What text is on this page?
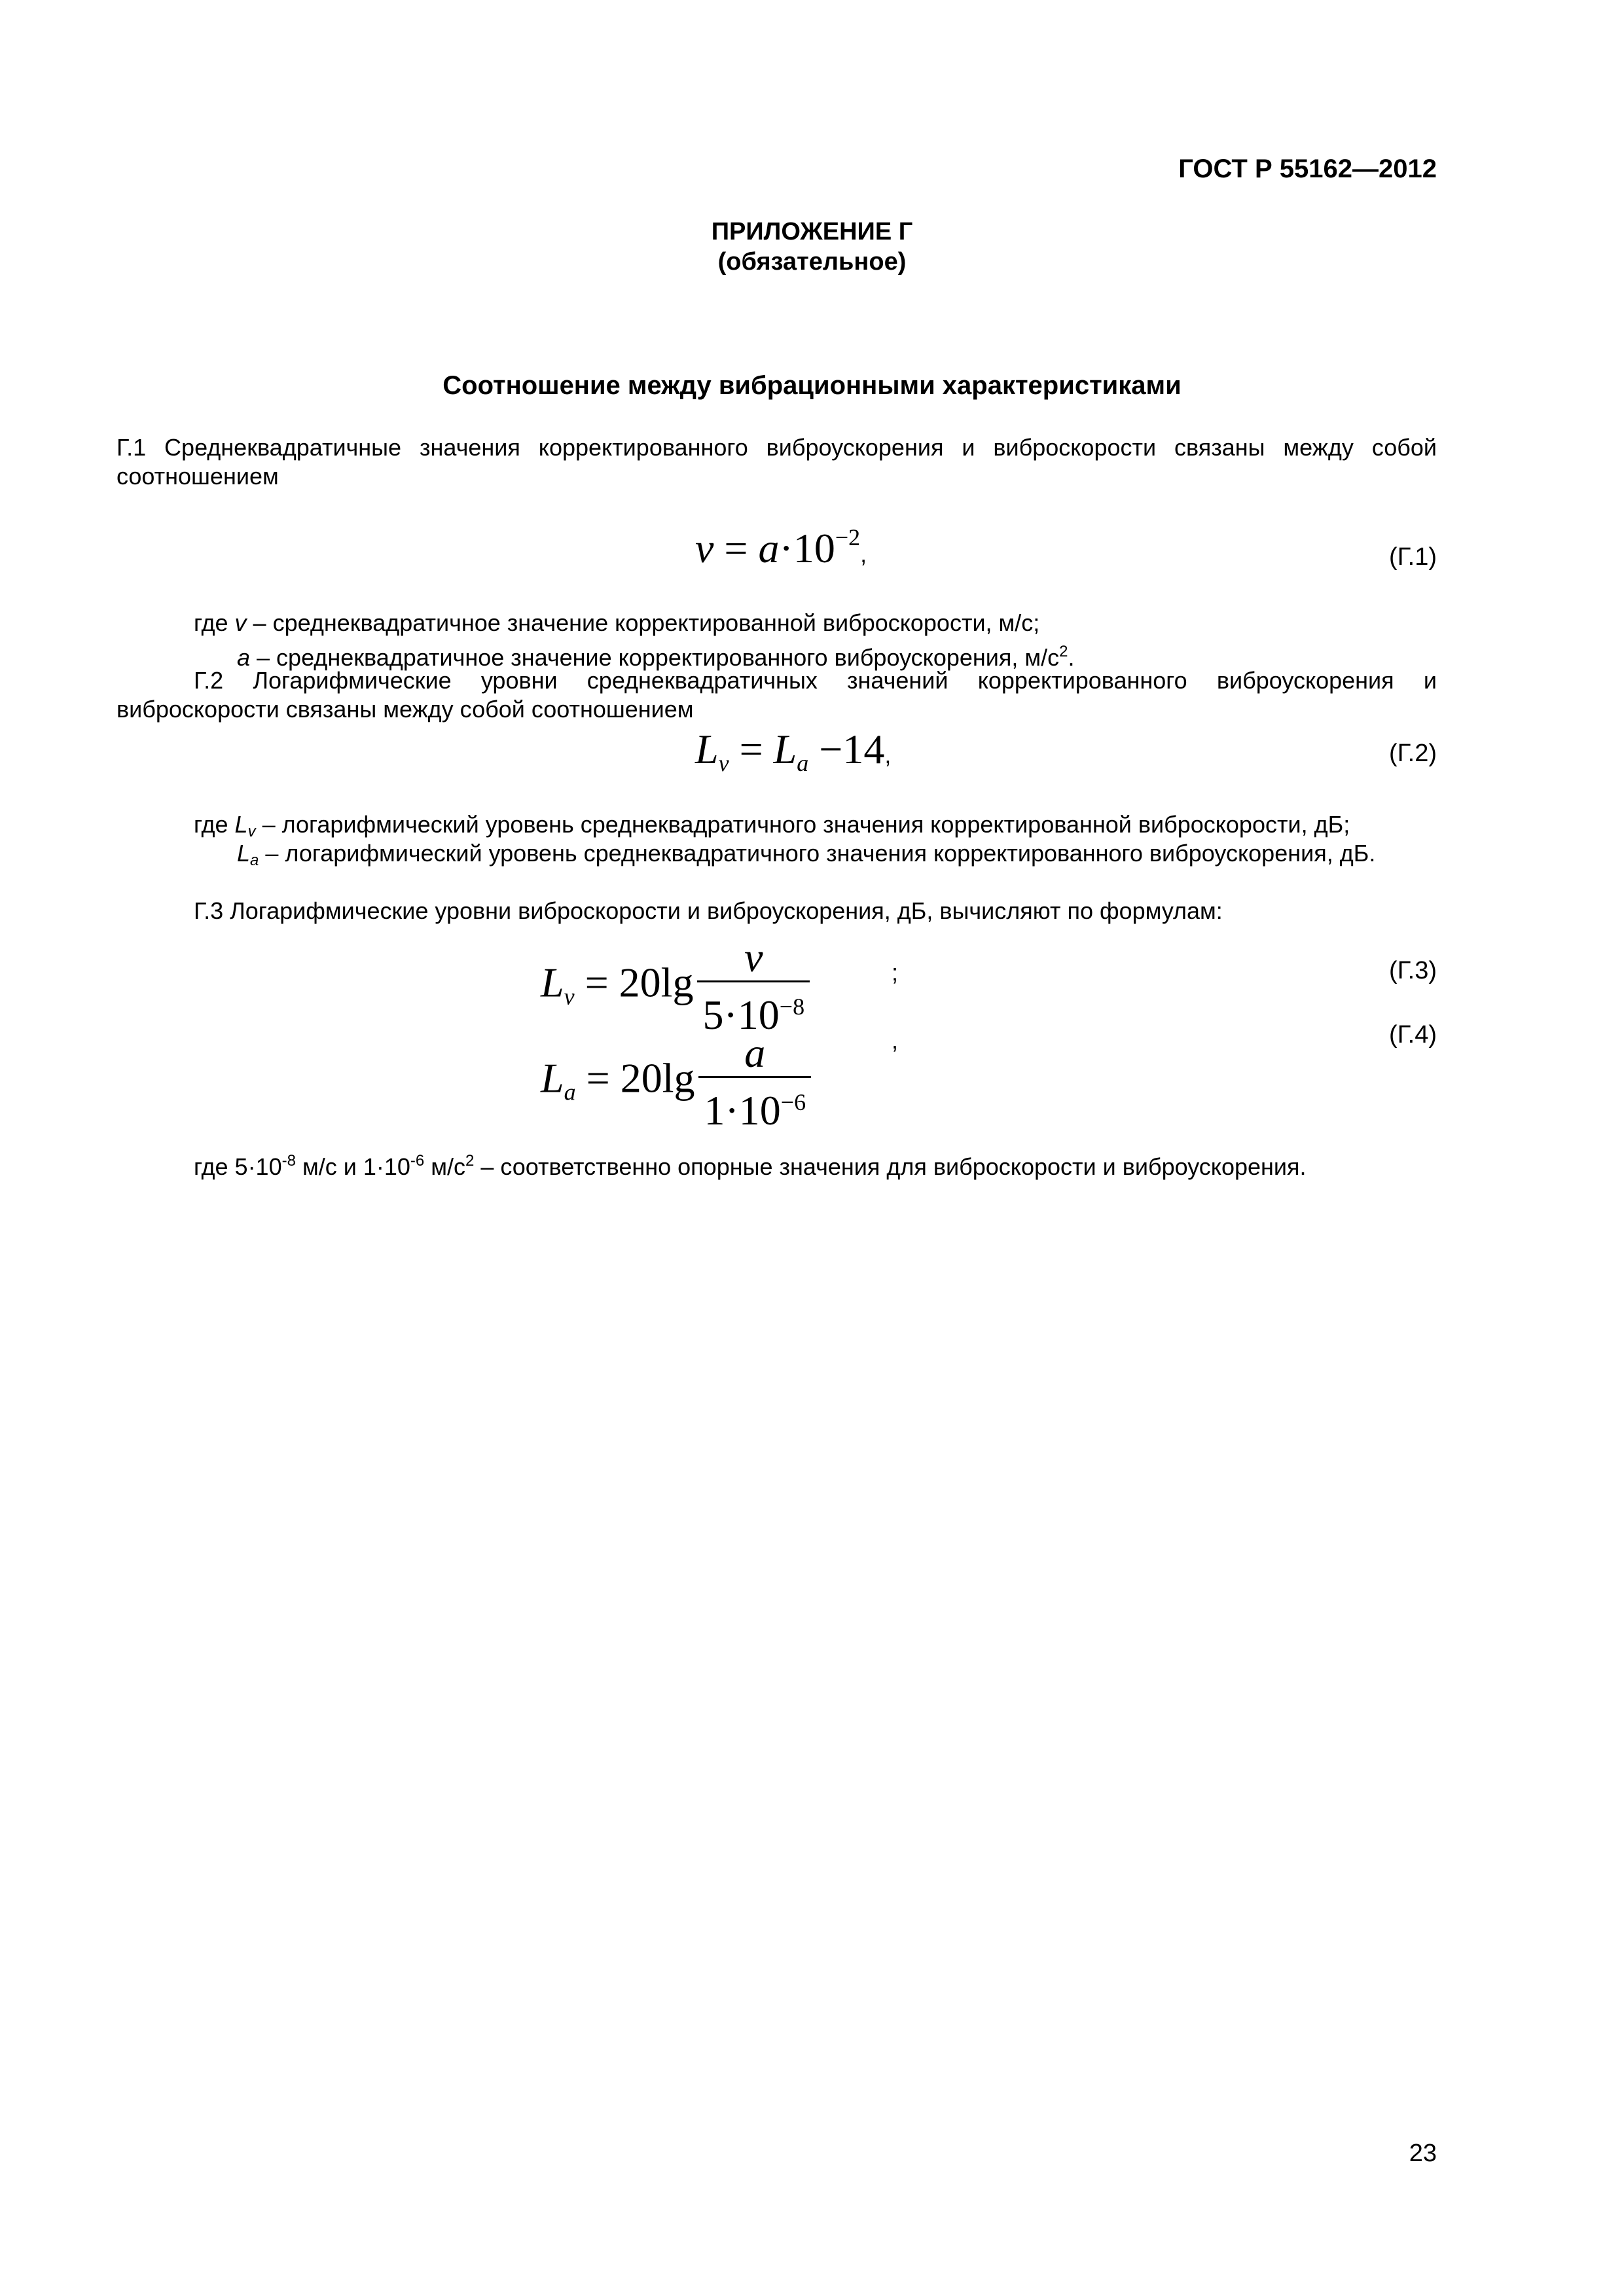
ГОСТ Р 55162—2012
ПРИЛОЖЕНИЕ Г
(обязательное)
Соотношение между вибрационными характеристиками
Г.1 Среднеквадратичные значения корректированного виброускорения и виброскорости связаны между собой соотношением
$v = a\cdot 10^{-2}$,	(Г.1)
где v – среднеквадратичное значение корректированной виброскорости, м/с;
a – среднеквадратичное значение корректированного виброускорения, $м/с^2$.
Г.2 Логарифмические уровни среднеквадратичных значений корректированного виброускорения и виброскорости связаны между собой соотношением
$L_v = L_a -14$,	(Г.2)
где Lv – логарифмический уровень среднеквадратичного значения корректированной виброскорости, дБ;
La – логарифмический уровень среднеквадратичного значения корректированного виброускорения, дБ.
Г.3 Логарифмические уровни виброскорости и виброускорения, дБ, вычисляют по формулам:
$L_v = 20\lg \frac{v}{5\cdot 10^{-8}}$	;	(Г.3)
$L_a = 20\lg \frac{a}{1\cdot 10^{-6}}$	,	(Г.4)
где $5\cdot 10^{-8}$ м/с и $1\cdot 10^{-6}$ $м/с^2$ – соответственно опорные значения для виброскорости и виброускорения.
23
